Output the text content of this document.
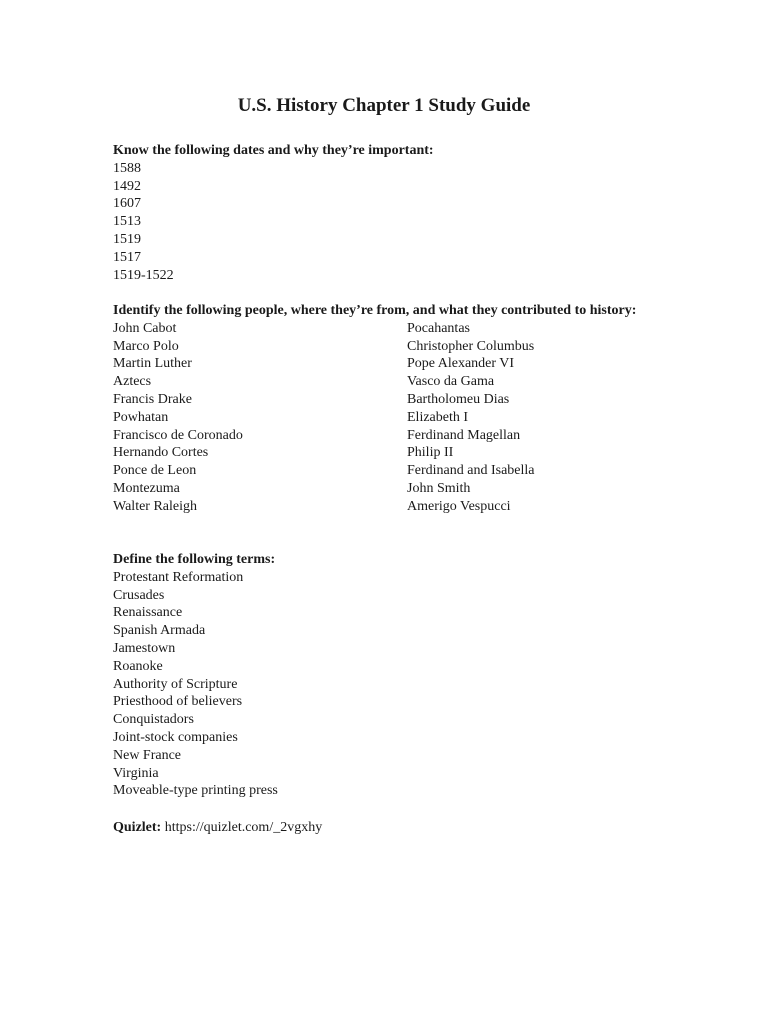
U.S. History Chapter 1 Study Guide

Know the following dates and why they’re important:

1588
1492
1607
1513
1519
1517
1519-1522

Identify the following people, where they’re from, and what they contributed to history:

John Cabot
Marco Polo
Martin Luther
Aztecs
Francis Drake
Powhatan
Francisco de Coronado
Hernando Cortes
Ponce de Leon
Montezuma
Walter Raleigh
Pocahantas
Christopher Columbus
Pope Alexander VI
Vasco da Gama
Bartholomeu Dias
Elizabeth I
Ferdinand Magellan
Philip II
Ferdinand and Isabella
John Smith
Amerigo Vespucci

Define the following terms:

Protestant Reformation
Crusades
Renaissance
Spanish Armada
Jamestown
Roanoke
Authority of Scripture
Priesthood of believers
Conquistadors
Joint-stock companies
New France
Virginia
Moveable-type printing press
Quizlet: https://quizlet.com/_2vgxhy
